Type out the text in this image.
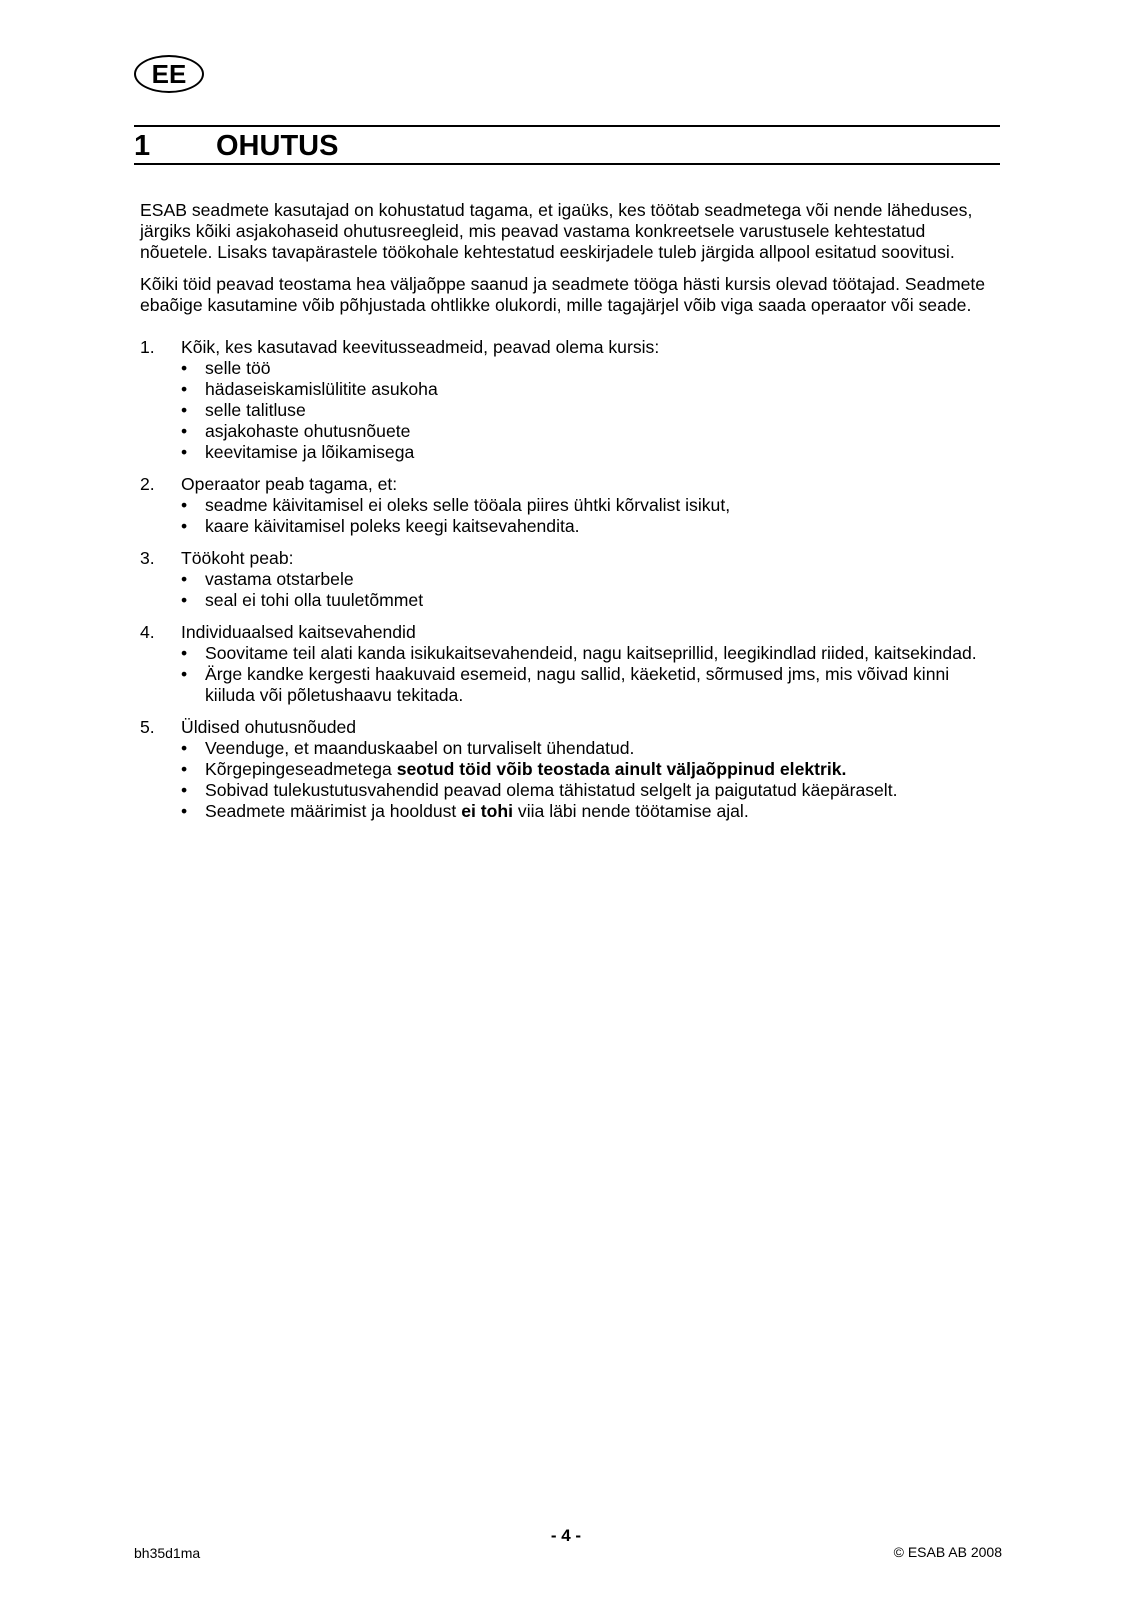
EE
1 OHUTUS

ESAB seadmete kasutajad on kohustatud tagama, et igaüks, kes töötab seadmetega või nende läheduses, järgiks kõiki asjakohaseid ohutusreegleid, mis peavad vastama konkreetsele varustusele kehtestatud nõuetele. Lisaks tavapärastele töökohale kehtestatud eeskirjadele tuleb järgida allpool esitatud soovitusi.

Kõiki töid peavad teostama hea väljaõppe saanud ja seadmete tööga hästi kursis olevad töötajad. Seadmete ebaõige kasutamine võib põhjustada ohtlikke olukordi, mille tagajärjel võib viga saada operaator või seade.

1. Kõik, kes kasutavad keevitusseadmeid, peavad olema kursis:
• selle töö
• hädaseiskamislülitite asukoha
• selle talitluse
• asjakohaste ohutusnõuete
• keevitamise ja lõikamisega
2. Operaator peab tagama, et:
• seadme käivitamisel ei oleks selle tööala piires ühtki kõrvalist isikut,
• kaare käivitamisel poleks keegi kaitsevahendita.
3. Töökoht peab:
• vastama otstarbele
• seal ei tohi olla tuuletõmmet
4. Individuaalsed kaitsevahendid
• Soovitame teil alati kanda isikukaitsevahendeid, nagu kaitseprillid, leegikindlad riided, kaitsekindad.
• Ärge kandke kergesti haakuvaid esemeid, nagu sallid, käeketid, sõrmused jms, mis võivad kinni kiiluda või põletushaavu tekitada.
5. Üldised ohutusnõuded
• Veenduge, et maanduskaabel on turvaliselt ühendatud.
• Kõrgepingeseadmetega seotud töid võib teostada ainult väljaõppinud elektrik.
• Sobivad tulekustutusvahendid peavad olema tähistatud selgelt ja paigutatud käepäraselt.
• Seadmete määrimist ja hooldust ei tohi viia läbi nende töötamise ajal.
- 4 -
bh35d1ma	© ESAB AB 2008
